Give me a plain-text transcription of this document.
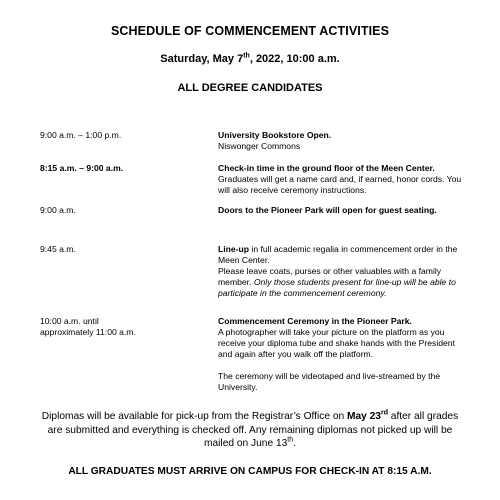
SCHEDULE OF COMMENCEMENT ACTIVITIES
Saturday, May 7th, 2022, 10:00 a.m.
ALL DEGREE CANDIDATES
9:00 a.m. – 1:00 p.m.	University Bookstore Open.
Niswonger Commons
8:15 a.m. – 9:00 a.m.	Check-in time in the ground floor of the Meen Center.
Graduates will get a name card and, if earned, honor cords. You will also receive ceremony instructions.
9:00 a.m.	Doors to the Pioneer Park will open for guest seating.
9:45 a.m.	Line-up in full academic regalia in commencement order in the Meen Center.
Please leave coats, purses or other valuables with a family member. Only those students present for line-up will be able to participate in the commencement ceremony.
10:00 a.m. until
approximately 11:00 a.m.
Commencement Ceremony in the Pioneer Park.
A photographer will take your picture on the platform as you receive your diploma tube and shake hands with the President and again after you walk off the platform.
The ceremony will be videotaped and live-streamed by the University.
Diplomas will be available for pick-up from the Registrar’s Office on May 23rd after all grades are submitted and everything is checked off. Any remaining diplomas not picked up will be mailed on June 13th.
ALL GRADUATES MUST ARRIVE ON CAMPUS FOR CHECK-IN AT 8:15 A.M.
